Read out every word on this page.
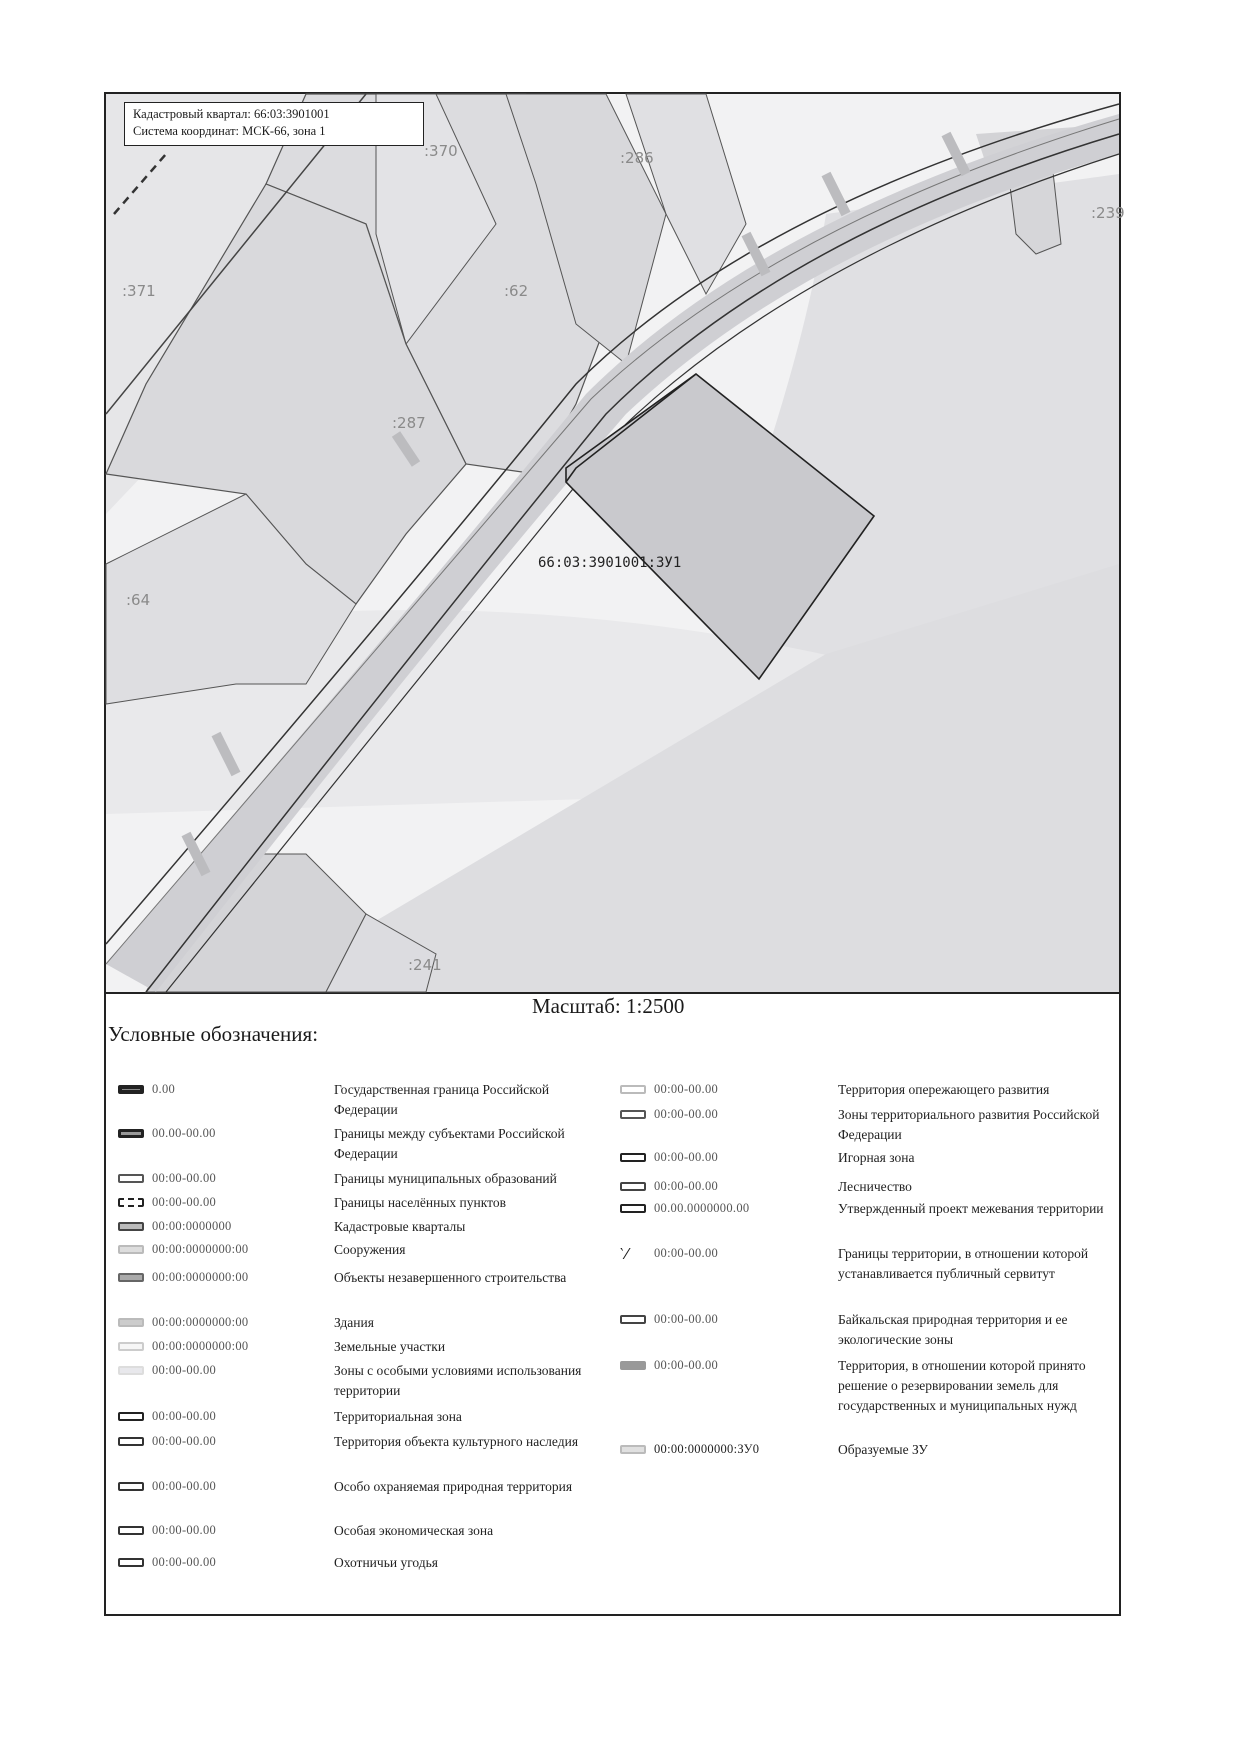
Кадастровый квартал: 66:03:3901001
Система координат: МСК-66, зона 1
:370	:286
:239
:371	:62
:287
:64
:241
66:03:3901001:ЗУ1
Масштаб: 1:2500
Условные обозначения:
0.00	Государственная граница Российской Федерации
00.00-00.00	Границы между субъектами Российской Федерации
00:00-00.00	Границы муниципальных образований
00:00-00.00	Границы населённых пунктов
00:00:0000000	Кадастровые кварталы
00:00:0000000:00	Сооружения
00:00:0000000:00	Объекты незавершенного строительства
00:00:0000000:00	Здания
00:00:0000000:00	Земельные участки
00:00-00.00	Зоны с особыми условиями использования территории
00:00-00.00	Территориальная зона
00:00-00.00	Территория объекта культурного наследия
00:00-00.00	Особо охраняемая природная территория
00:00-00.00	Особая экономическая зона
00:00-00.00	Охотничьи угодья
00:00-00.00	Территория опережающего развития
00:00-00.00	Зоны территориального развития Российской Федерации
00:00-00.00	Игорная зона
00:00-00.00	Лесничество
00.00.0000000.00	Утвержденный проект межевания территории
‵⁄ 00:00-00.00	Границы территории, в отношении которой устанавливается публичный сервитут
00:00-00.00	Байкальская природная территория и ее экологические зоны
00:00-00.00	Территория, в отношении которой принято решение о резервировании земель для государственных и муниципальных нужд
00:00:0000000:ЗУ0	Образуемые ЗУ
